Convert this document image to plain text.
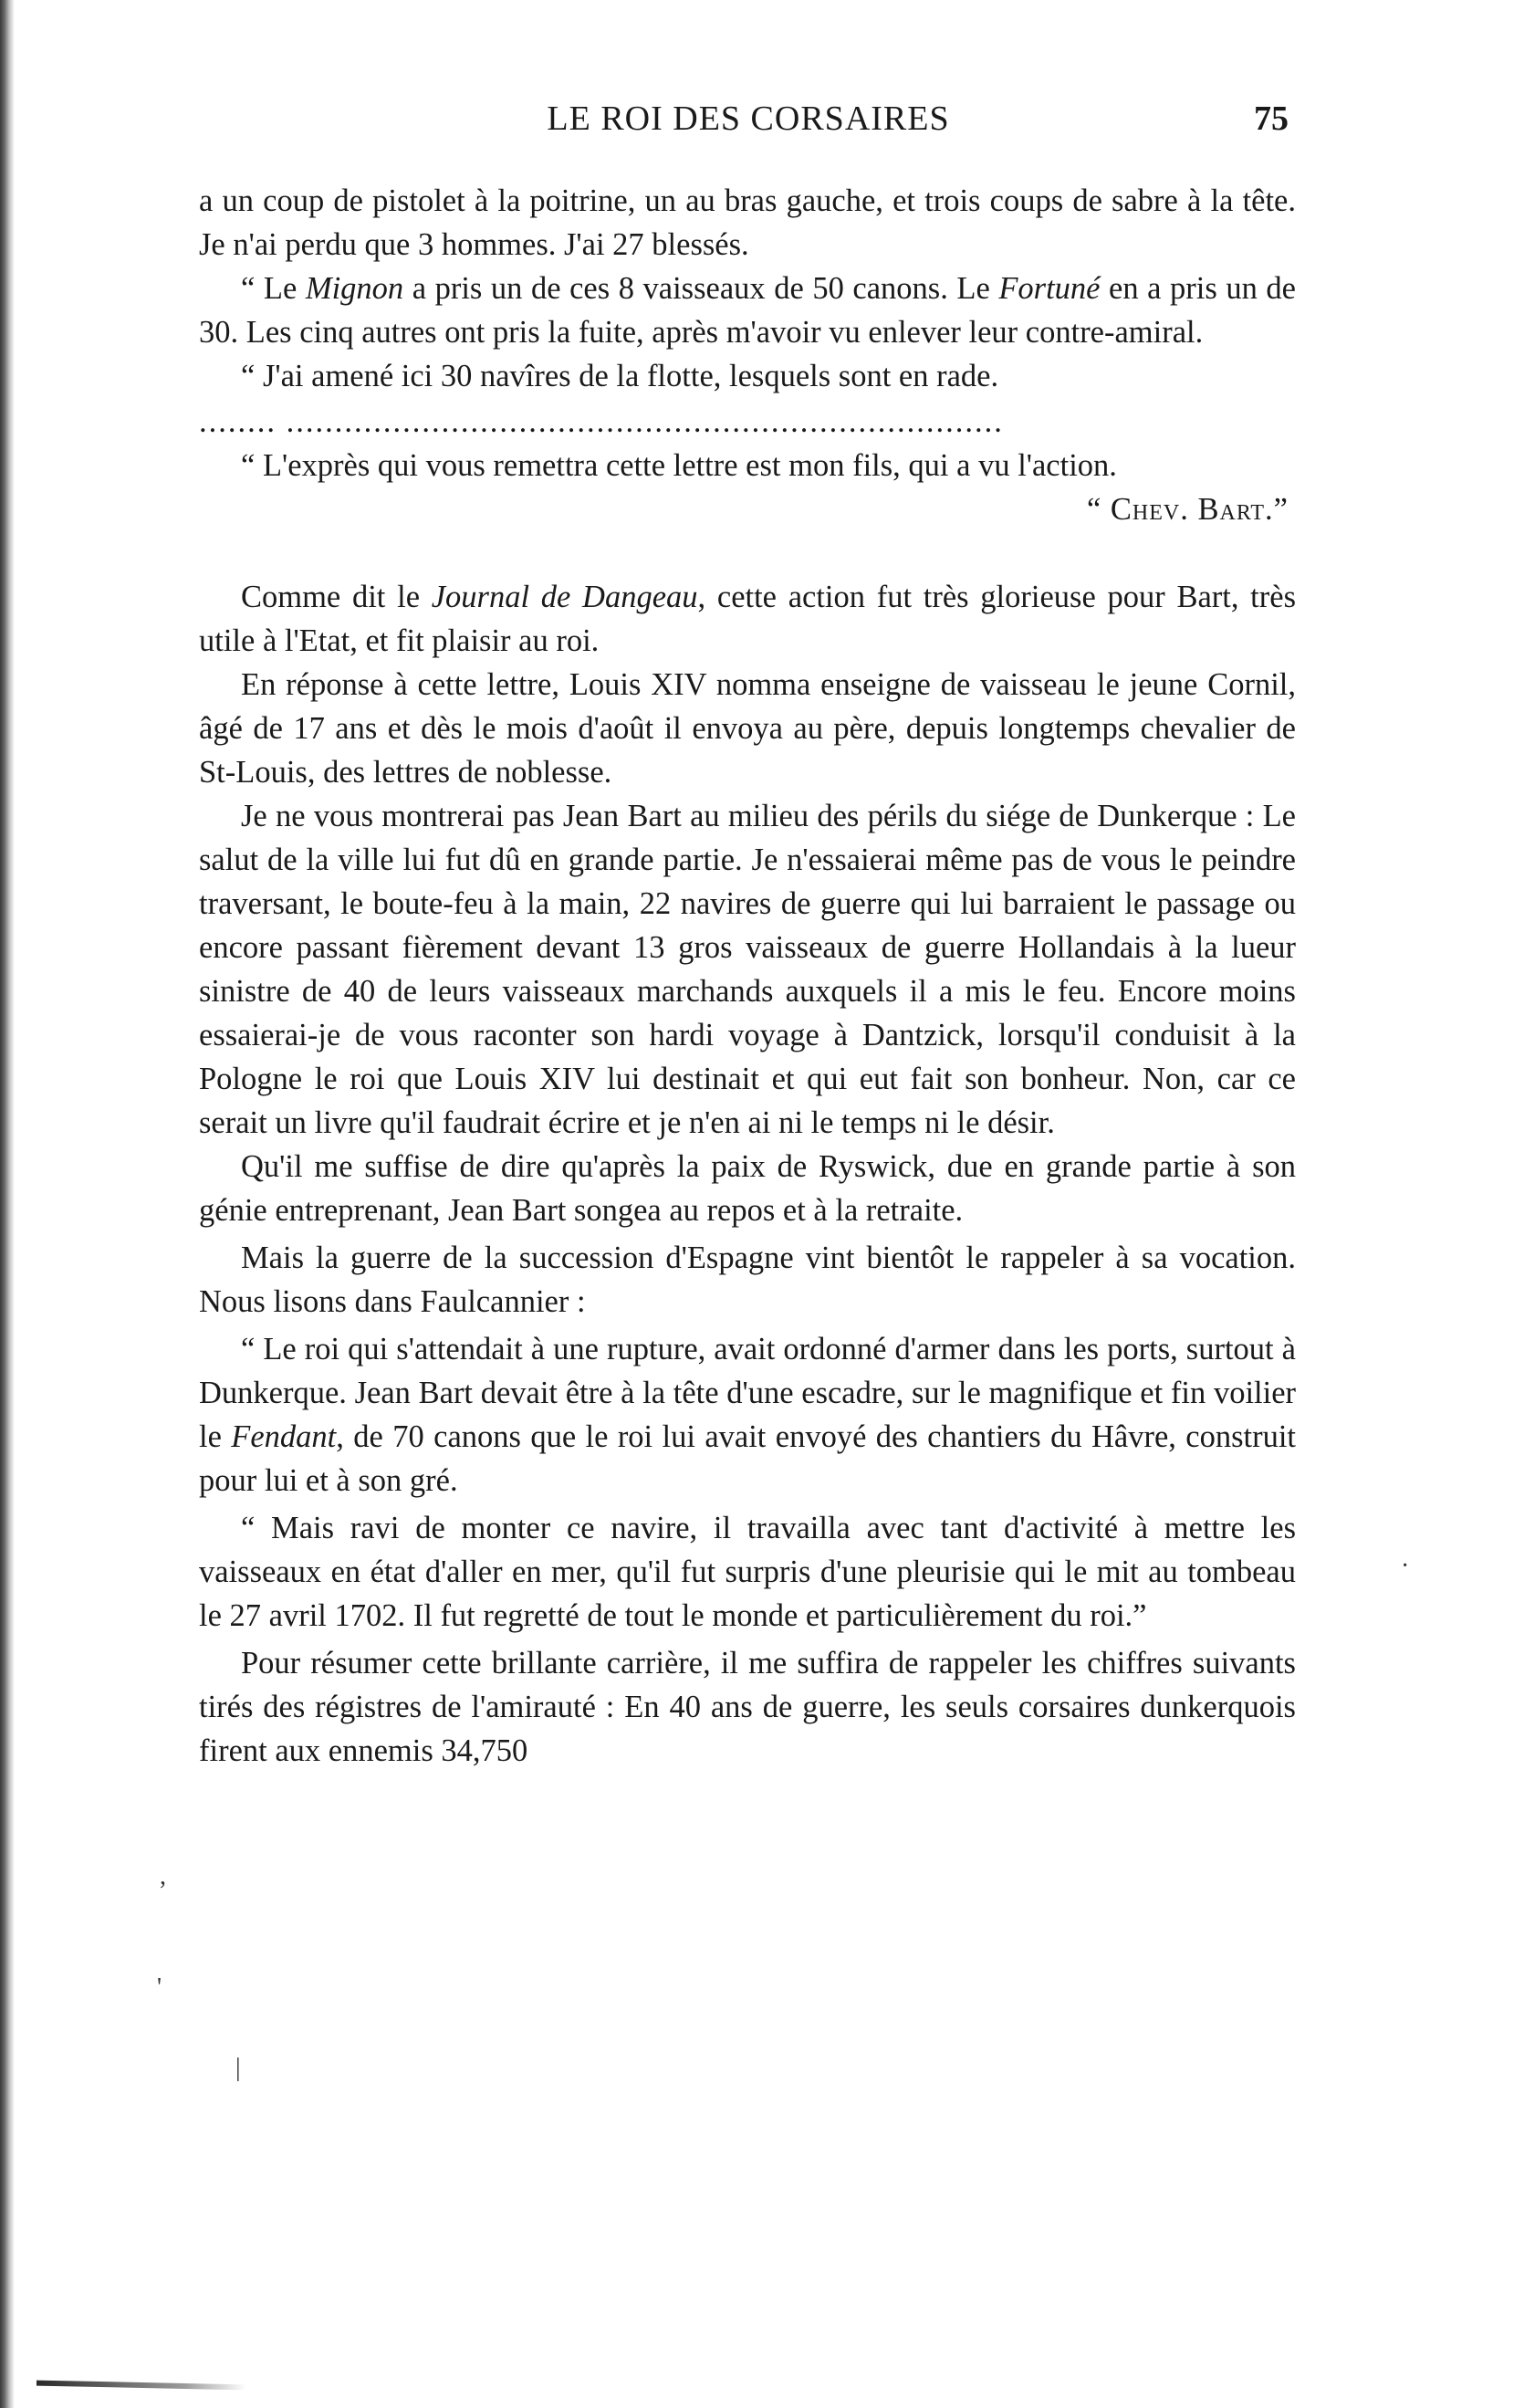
LE ROI DES CORSAIRES	75

a un coup de pistolet à la poitrine, un au bras gauche, et trois coups de sabre à la tête. Je n'ai perdu que 3 hommes. J'ai 27 blessés.

“ Le Mignon a pris un de ces 8 vaisseaux de 50 canons. Le Fortuné en a pris un de 30. Les cinq autres ont pris la fuite, après m'avoir vu enlever leur contre-amiral.

“ J'ai amené ici 30 navîres de la flotte, lesquels sont en rade.

........ ..........................................................................

“ L'exprès qui vous remettra cette lettre est mon fils, qui a vu l'action.

“ Chev. Bart.”

Comme dit le Journal de Dangeau, cette action fut très glorieuse pour Bart, très utile à l'Etat, et fit plaisir au roi.

En réponse à cette lettre, Louis XIV nomma enseigne de vaisseau le jeune Cornil, âgé de 17 ans et dès le mois d'août il envoya au père, depuis longtemps chevalier de St-Louis, des lettres de noblesse.

Je ne vous montrerai pas Jean Bart au milieu des périls du siége de Dunkerque : Le salut de la ville lui fut dû en grande partie. Je n'essaierai même pas de vous le peindre traversant, le boute-feu à la main, 22 navires de guerre qui lui barraient le passage ou encore passant fièrement devant 13 gros vaisseaux de guerre Hollandais à la lueur sinistre de 40 de leurs vaisseaux marchands auxquels il a mis le feu. Encore moins essaierai-je de vous raconter son hardi voyage à Dantzick, lorsqu'il conduisit à la Pologne le roi que Louis XIV lui destinait et qui eut fait son bonheur. Non, car ce serait un livre qu'il faudrait écrire et je n'en ai ni le temps ni le désir.

Qu'il me suffise de dire qu'après la paix de Ryswick, due en grande partie à son génie entreprenant, Jean Bart songea au repos et à la retraite.

Mais la guerre de la succession d'Espagne vint bientôt le rappeler à sa vocation. Nous lisons dans Faulcannier :

“ Le roi qui s'attendait à une rupture, avait ordonné d'armer dans les ports, surtout à Dunkerque. Jean Bart devait être à la tête d'une escadre, sur le magnifique et fin voilier le Fendant, de 70 canons que le roi lui avait envoyé des chantiers du Hâvre, construit pour lui et à son gré.

“ Mais ravi de monter ce navire, il travailla avec tant d'activité à mettre les vaisseaux en état d'aller en mer, qu'il fut surpris d'une pleurisie qui le mit au tombeau le 27 avril 1702. Il fut regretté de tout le monde et particulièrement du roi.”

Pour résumer cette brillante carrière, il me suffira de rappeler les chiffres suivants tirés des régistres de l'amirauté : En 40 ans de guerre, les seuls corsaires dunkerquois firent aux ennemis 34,750

·
,
'
|
